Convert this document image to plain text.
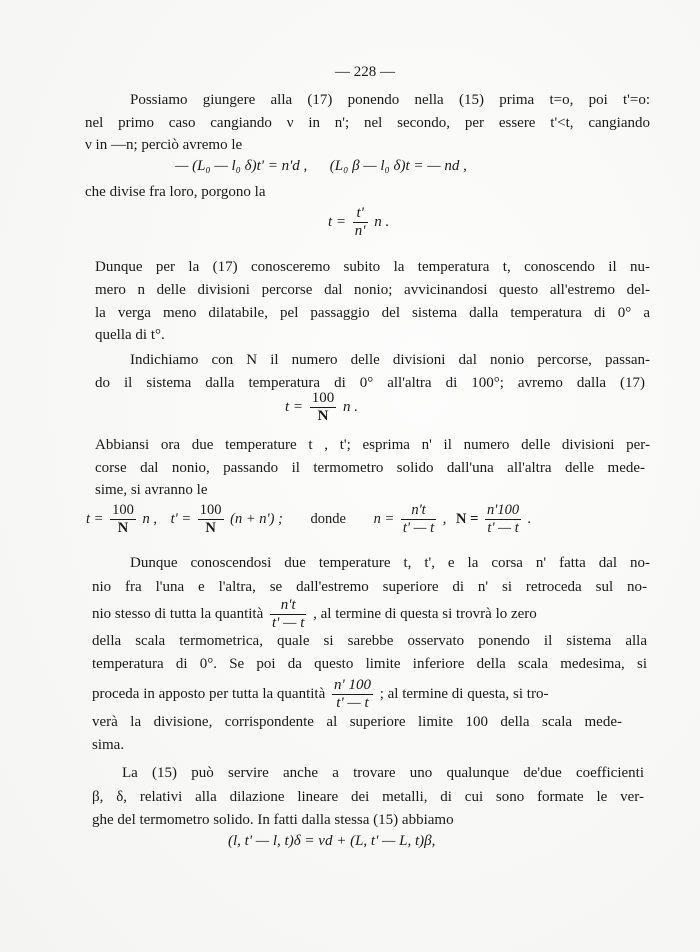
— 228 —
Possiamo giungere alla (17) ponendo nella (15) prima t=o, poi t'=o:
nel primo caso cangiando ν in n'; nel secondo, per essere t'<t, cangiando
ν in —n; perciò avremo le
— (L₀ — l₀ δ)t' = n'd ,      (L₀ β — l₀ δ)t = — nd ,
che divise fra loro, porgono la
$t = \frac{t'}{n'}$ n .
Dunque per la (17) conosceremo subito la temperatura t, conoscendo il nu-
mero n delle divisioni percorse dal nonio; avvicinandosi questo all'estremo del-
la verga meno dilatabile, pel passaggio del sistema dalla temperatura di 0° a
quella di t°.
Indichiamo con N il numero delle divisioni dal nonio percorse, passan-
do il sistema dalla temperatura di 0° all'altra di 100°; avremo dalla (17)
$t = \frac{100}{N}$ n .
Abbiansi ora due temperature t , t'; esprima n' il numero delle divisioni per-
corse dal nonio, passando il termometro solido dall'una all'altra delle mede-
sime, si avranno le
$t = \frac{100}{N}$ n , $t' = \frac{100}{N} (n + n')$ ; donde $n = \frac{n't}{t' — t}$ , $N = \frac{n'100}{t' — t}$ .
Dunque conoscendosi due temperature t, t', e la corsa n' fatta dal no-
nio fra l'una e l'altra, se dall'estremo superiore di n' si retroceda sul no-
nio stesso di tutta la quantità $\frac{n't}{t' — t}$ , al termine di questa si trovrà lo zero
della scala termometrica, quale si sarebbe osservato ponendo il sistema alla
temperatura di 0°. Se poi da questo limite inferiore della scala medesima, si
proceda in apposto per tutta la quantità $\frac{n' 100}{t' — t}$ ; al termine di questa, si tro-
verà la divisione, corrispondente al superiore limite 100 della scala mede-
sima.
La (15) può servire anche a trovare uno qualunque de'due coefficienti
β, δ, relativi alla dilazione lineare dei metalli, di cui sono formate le ver-
ghe del termometro solido. In fatti dalla stessa (15) abbiamo
(l, t' — l, t)δ = νd + (L, t' — L, t)β,
